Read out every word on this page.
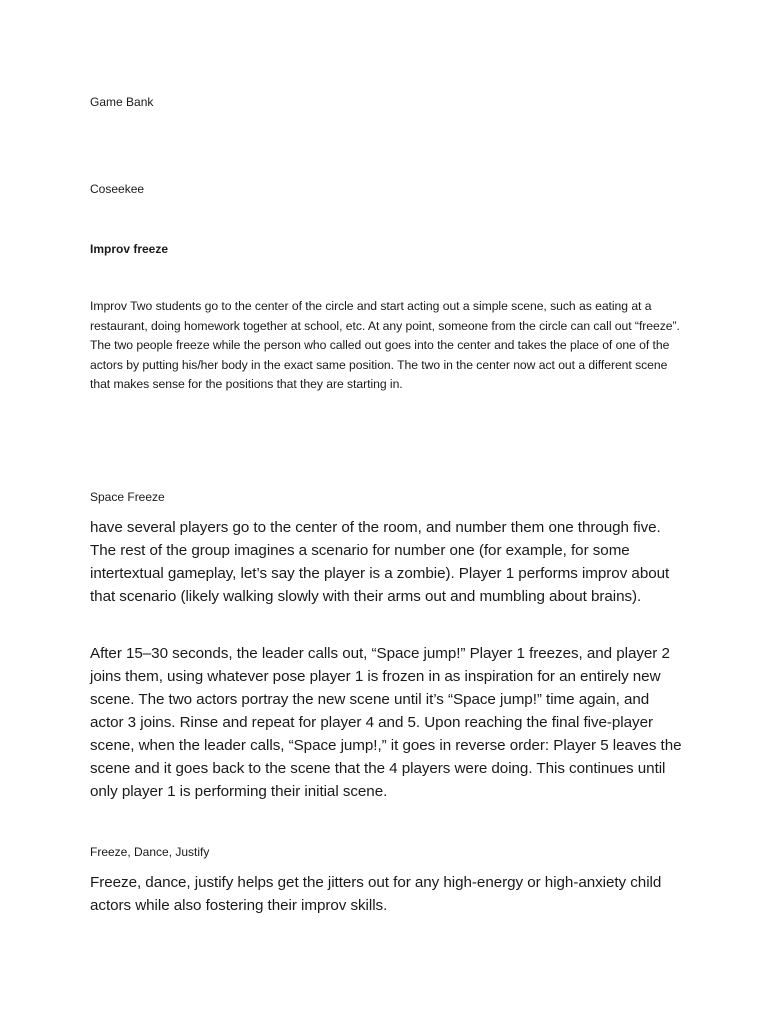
Game Bank

Coseekee

Improv freeze

Improv Two students go to the center of the circle and start acting out a simple scene, such as eating at a restaurant, doing homework together at school, etc. At any point, someone from the circle can call out “freeze”. The two people freeze while the person who called out goes into the center and takes the place of one of the actors by putting his/her body in the exact same position. The two in the center now act out a different scene that makes sense for the positions that they are starting in.

Space Freeze

have several players go to the center of the room, and number them one through five. The rest of the group imagines a scenario for number one (for example, for some intertextual gameplay, let’s say the player is a zombie). Player 1 performs improv about that scenario (likely walking slowly with their arms out and mumbling about brains).

After 15–30 seconds, the leader calls out, “Space jump!” Player 1 freezes, and player 2 joins them, using whatever pose player 1 is frozen in as inspiration for an entirely new scene. The two actors portray the new scene until it’s “Space jump!” time again, and actor 3 joins. Rinse and repeat for player 4 and 5. Upon reaching the final five-player scene, when the leader calls, “Space jump!,” it goes in reverse order: Player 5 leaves the scene and it goes back to the scene that the 4 players were doing. This continues until only player 1 is performing their initial scene.

Freeze, Dance, Justify

Freeze, dance, justify helps get the jitters out for any high-energy or high-anxiety child actors while also fostering their improv skills.
